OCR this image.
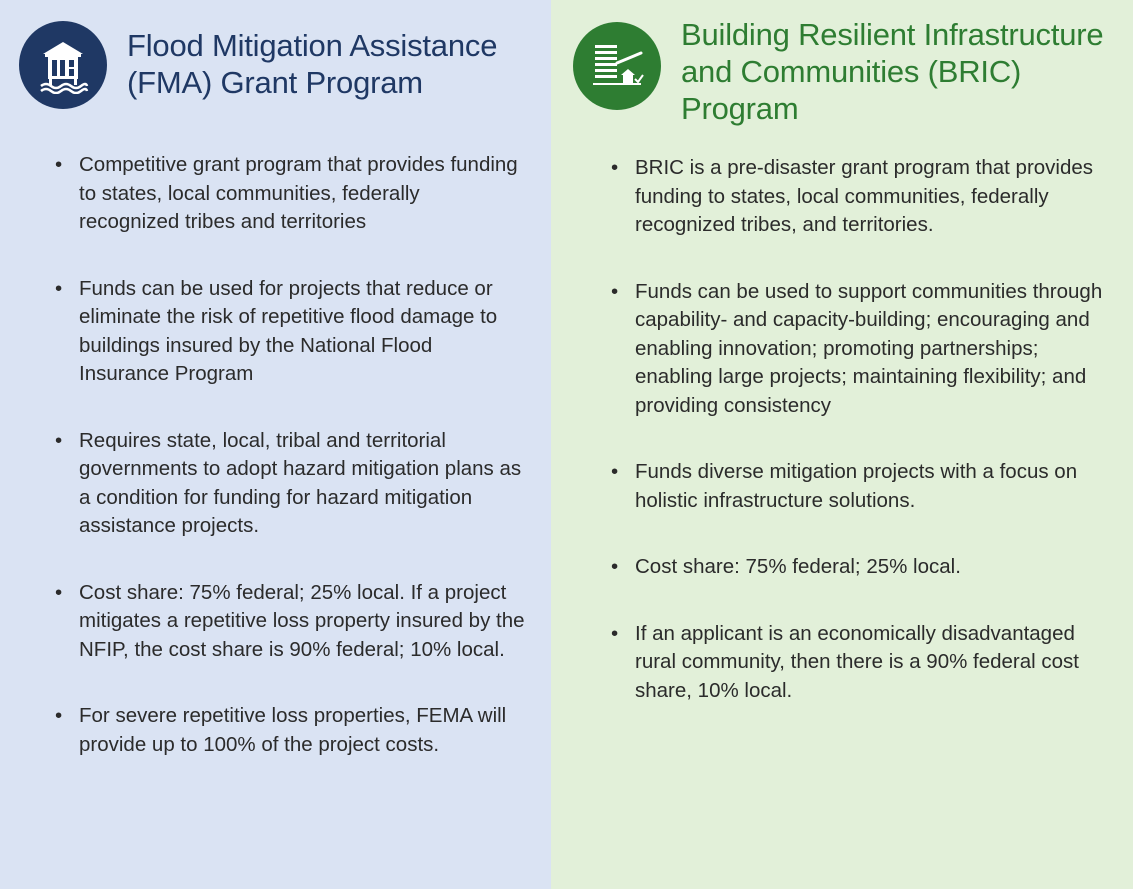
Flood Mitigation Assistance (FMA) Grant Program
• Competitive grant program that provides funding to states, local communities, federally recognized tribes and territories
• Funds can be used for projects that reduce or eliminate the risk of repetitive flood damage to buildings insured by the National Flood Insurance Program
• Requires state, local, tribal and territorial governments to adopt hazard mitigation plans as a condition for funding for hazard mitigation assistance projects.
• Cost share: 75% federal; 25% local. If a project mitigates a repetitive loss property insured by the NFIP, the cost share is 90% federal; 10% local.
• For severe repetitive loss properties, FEMA will provide up to 100% of the project costs.
Building Resilient Infrastructure and Communities (BRIC) Program
• BRIC is a pre-disaster grant program that provides funding to states, local communities, federally recognized tribes, and territories.
• Funds can be used to support communities through capability- and capacity-building; encouraging and enabling innovation; promoting partnerships; enabling large projects; maintaining flexibility; and providing consistency
• Funds diverse mitigation projects with a focus on holistic infrastructure solutions.
• Cost share: 75% federal; 25% local.
• If an applicant is an economically disadvantaged rural community, then there is a 90% federal cost share, 10% local.
